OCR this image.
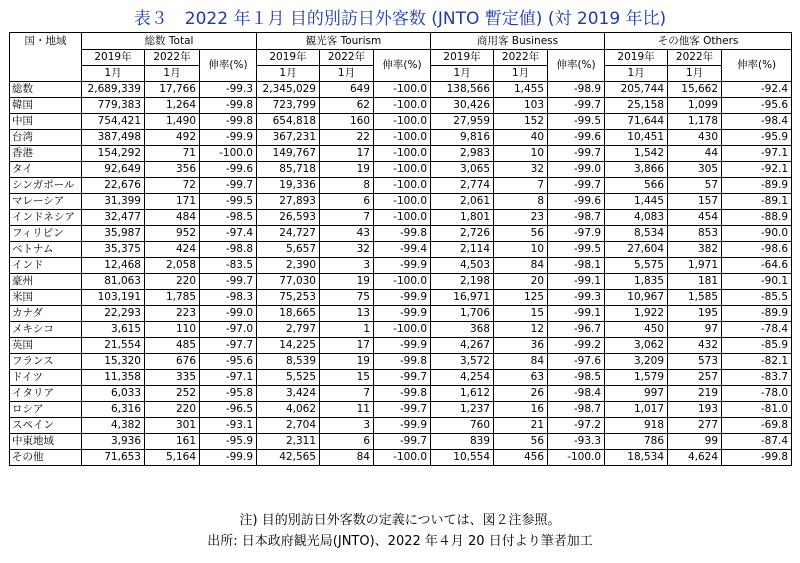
表３　2022 年１月 目的別訪日外客数 (JNTO 暫定値) (対 2019 年比)
国・地域	総数 Total			観光客 Tourism			商用客 Business			その他客 Others		
	2019年	2022年	伸率(%)	2019年	2022年	伸率(%)	2019年	2022年	伸率(%)	2019年	2022年	伸率(%)
	1月	1月		1月	1月		1月	1月		1月	1月	
総数	2,689,339	17,766	-99.3	2,345,029	649	-100.0	138,566	1,455	-98.9	205,744	15,662	-92.4
韓国	779,383	1,264	-99.8	723,799	62	-100.0	30,426	103	-99.7	25,158	1,099	-95.6
中国	754,421	1,490	-99.8	654,818	160	-100.0	27,959	152	-99.5	71,644	1,178	-98.4
台湾	387,498	492	-99.9	367,231	22	-100.0	9,816	40	-99.6	10,451	430	-95.9
香港	154,292	71	-100.0	149,767	17	-100.0	2,983	10	-99.7	1,542	44	-97.1
タイ	92,649	356	-99.6	85,718	19	-100.0	3,065	32	-99.0	3,866	305	-92.1
シンガポール	22,676	72	-99.7	19,336	8	-100.0	2,774	7	-99.7	566	57	-89.9
マレーシア	31,399	171	-99.5	27,893	6	-100.0	2,061	8	-99.6	1,445	157	-89.1
インドネシア	32,477	484	-98.5	26,593	7	-100.0	1,801	23	-98.7	4,083	454	-88.9
フィリピン	35,987	952	-97.4	24,727	43	-99.8	2,726	56	-97.9	8,534	853	-90.0
ベトナム	35,375	424	-98.8	5,657	32	-99.4	2,114	10	-99.5	27,604	382	-98.6
インド	12,468	2,058	-83.5	2,390	3	-99.9	4,503	84	-98.1	5,575	1,971	-64.6
豪州	81,063	220	-99.7	77,030	19	-100.0	2,198	20	-99.1	1,835	181	-90.1
米国	103,191	1,785	-98.3	75,253	75	-99.9	16,971	125	-99.3	10,967	1,585	-85.5
カナダ	22,293	223	-99.0	18,665	13	-99.9	1,706	15	-99.1	1,922	195	-89.9
メキシコ	3,615	110	-97.0	2,797	1	-100.0	368	12	-96.7	450	97	-78.4
英国	21,554	485	-97.7	14,225	17	-99.9	4,267	36	-99.2	3,062	432	-85.9
フランス	15,320	676	-95.6	8,539	19	-99.8	3,572	84	-97.6	3,209	573	-82.1
ドイツ	11,358	335	-97.1	5,525	15	-99.7	4,254	63	-98.5	1,579	257	-83.7
イタリア	6,033	252	-95.8	3,424	7	-99.8	1,612	26	-98.4	997	219	-78.0
ロシア	6,316	220	-96.5	4,062	11	-99.7	1,237	16	-98.7	1,017	193	-81.0
スペイン	4,382	301	-93.1	2,704	3	-99.9	760	21	-97.2	918	277	-69.8
中東地域	3,936	161	-95.9	2,311	6	-99.7	839	56	-93.3	786	99	-87.4
その他	71,653	5,164	-99.9	42,565	84	-100.0	10,554	456	-100.0	18,534	4,624	-99.8
注) 目的別訪日外客数の定義については、図２注参照。
出所: 日本政府観光局(JNTO)、2022 年４月 20 日付より筆者加工
